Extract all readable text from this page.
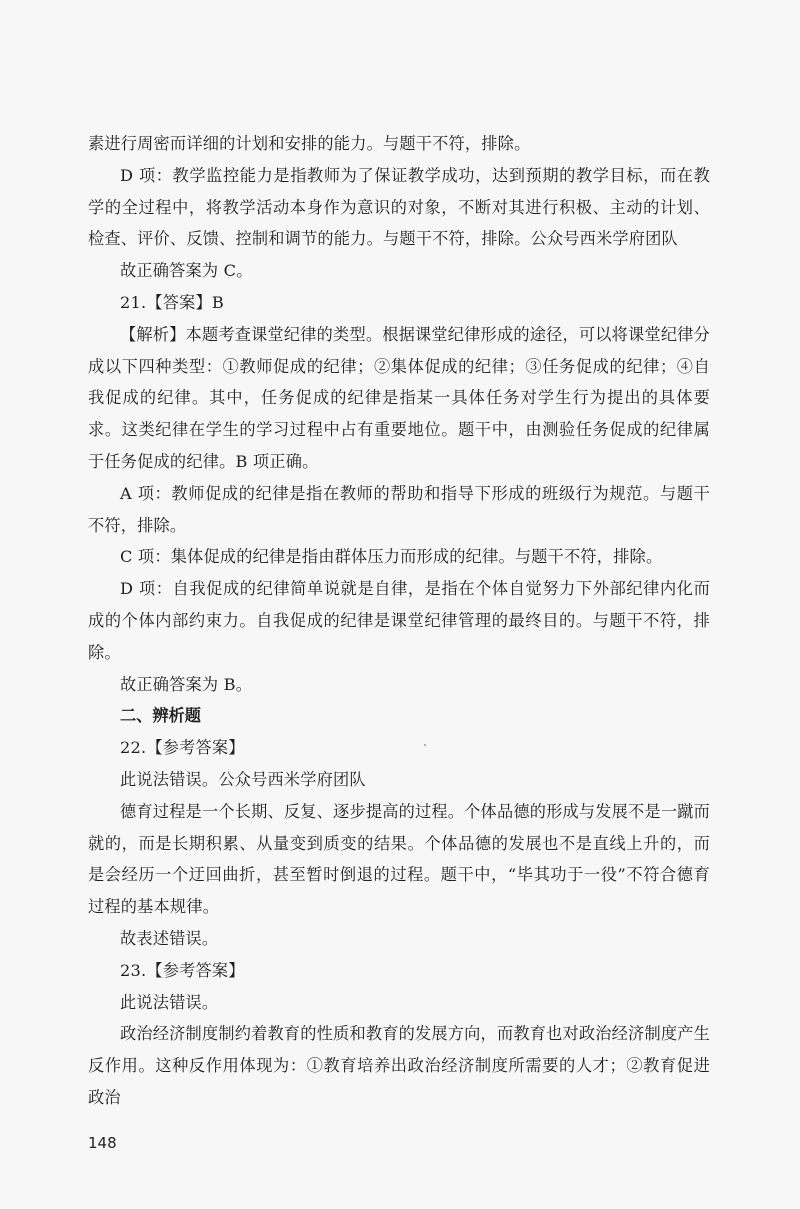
素进行周密而详细的计划和安排的能力。与题干不符，排除。

D 项：教学监控能力是指教师为了保证教学成功，达到预期的教学目标，而在教学的全过程中，将教学活动本身作为意识的对象，不断对其进行积极、主动的计划、检查、评价、反馈、控制和调节的能力。与题干不符，排除。公众号西米学府团队

故正确答案为 C。

21.【答案】B

【解析】本题考查课堂纪律的类型。根据课堂纪律形成的途径，可以将课堂纪律分成以下四种类型：①教师促成的纪律；②集体促成的纪律；③任务促成的纪律；④自我促成的纪律。其中，任务促成的纪律是指某一具体任务对学生行为提出的具体要求。这类纪律在学生的学习过程中占有重要地位。题干中，由测验任务促成的纪律属于任务促成的纪律。B 项正确。

A 项：教师促成的纪律是指在教师的帮助和指导下形成的班级行为规范。与题干不符，排除。

C 项：集体促成的纪律是指由群体压力而形成的纪律。与题干不符，排除。

D 项：自我促成的纪律简单说就是自律，是指在个体自觉努力下外部纪律内化而成的个体内部约束力。自我促成的纪律是课堂纪律管理的最终目的。与题干不符，排除。

故正确答案为 B。

二、辨析题

22.【参考答案】

此说法错误。公众号西米学府团队

德育过程是一个长期、反复、逐步提高的过程。个体品德的形成与发展不是一蹴而就的，而是长期积累、从量变到质变的结果。个体品德的发展也不是直线上升的，而是会经历一个迂回曲折，甚至暂时倒退的过程。题干中，“毕其功于一役”不符合德育过程的基本规律。

故表述错误。

23.【参考答案】

此说法错误。

政治经济制度制约着教育的性质和教育的发展方向，而教育也对政治经济制度产生反作用。这种反作用体现为：①教育培养出政治经济制度所需要的人才；②教育促进政治

148
